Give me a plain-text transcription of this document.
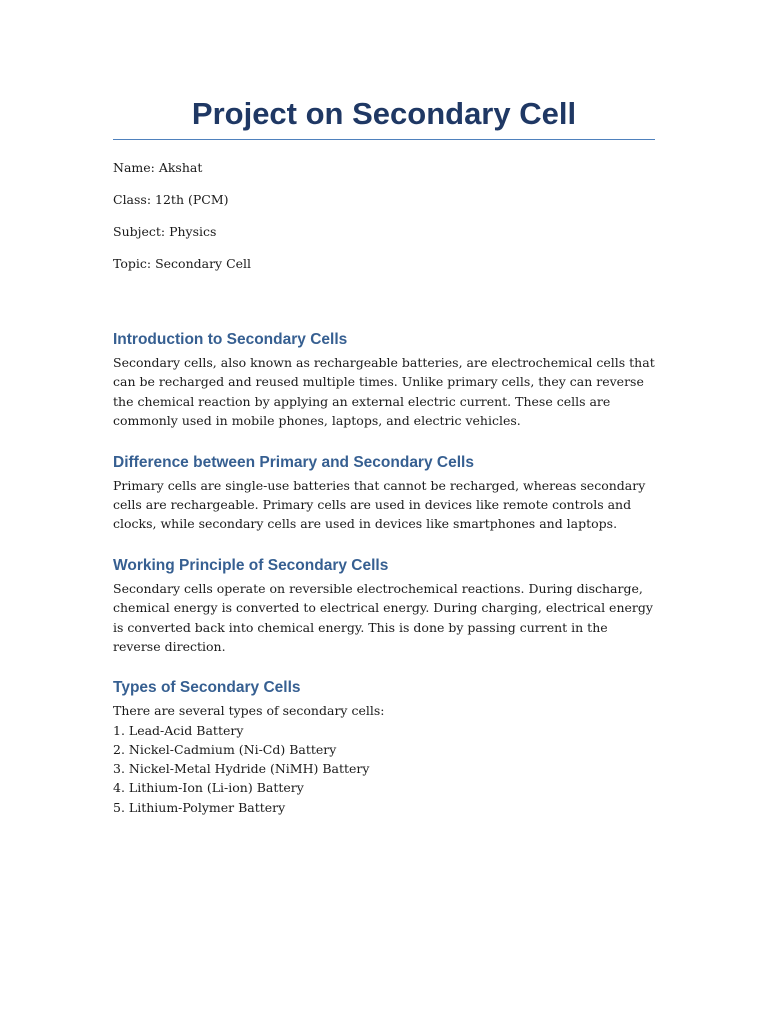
Project on Secondary Cell

Name: Akshat

Class: 12th (PCM)

Subject: Physics

Topic: Secondary Cell

Introduction to Secondary Cells

Secondary cells, also known as rechargeable batteries, are electrochemical cells that can be recharged and reused multiple times. Unlike primary cells, they can reverse the chemical reaction by applying an external electric current. These cells are commonly used in mobile phones, laptops, and electric vehicles.

Difference between Primary and Secondary Cells

Primary cells are single-use batteries that cannot be recharged, whereas secondary cells are rechargeable. Primary cells are used in devices like remote controls and clocks, while secondary cells are used in devices like smartphones and laptops.

Working Principle of Secondary Cells

Secondary cells operate on reversible electrochemical reactions. During discharge, chemical energy is converted to electrical energy. During charging, electrical energy is converted back into chemical energy. This is done by passing current in the reverse direction.

Types of Secondary Cells

There are several types of secondary cells:

1. Lead-Acid Battery
2. Nickel-Cadmium (Ni-Cd) Battery
3. Nickel-Metal Hydride (NiMH) Battery
4. Lithium-Ion (Li-ion) Battery
5. Lithium-Polymer Battery
